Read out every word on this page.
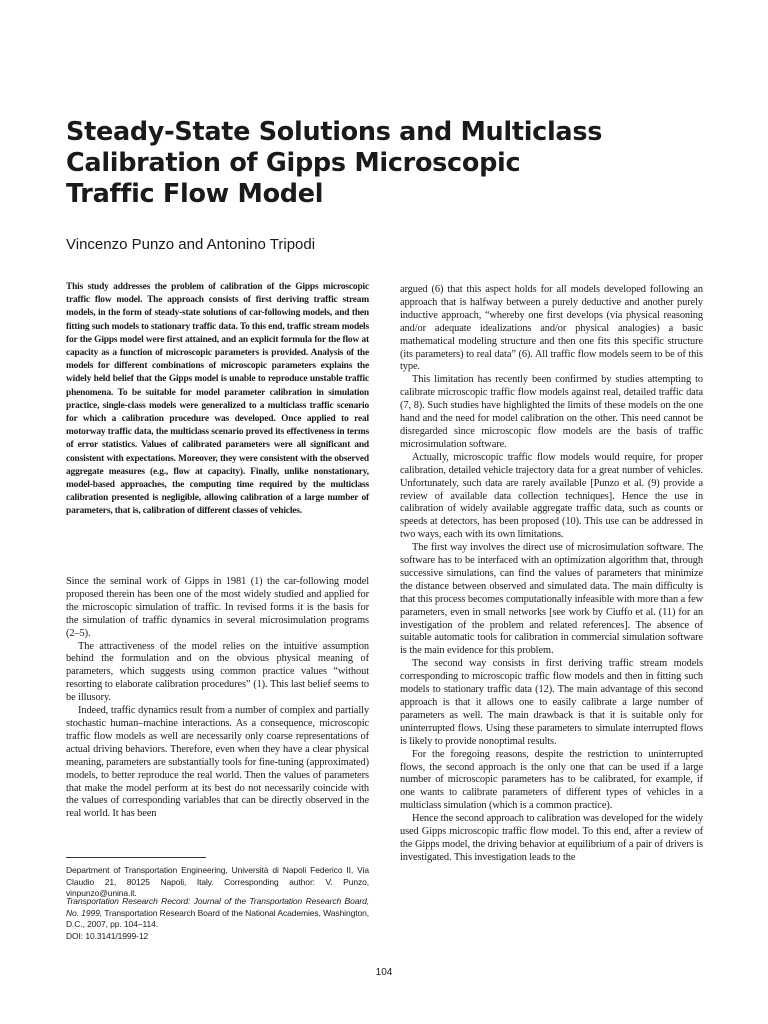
Steady-State Solutions and Multiclass
Calibration of Gipps Microscopic
Traffic Flow Model

Vincenzo Punzo and Antonino Tripodi

This study addresses the problem of calibration of the Gipps microscopic traffic flow model. The approach consists of first deriving traffic stream models, in the form of steady-state solutions of car-following models, and then fitting such models to stationary traffic data. To this end, traffic stream models for the Gipps model were first attained, and an explicit formula for the flow at capacity as a function of microscopic parameters is provided. Analysis of the models for different combinations of microscopic parameters explains the widely held belief that the Gipps model is unable to reproduce unstable traffic phenomena. To be suitable for model parameter calibration in simulation practice, single-class models were generalized to a multiclass traffic scenario for which a calibration procedure was developed. Once applied to real motorway traffic data, the multiclass scenario proved its effectiveness in terms of error statistics. Values of calibrated parameters were all significant and consistent with expectations. Moreover, they were consistent with the observed aggregate measures (e.g., flow at capacity). Finally, unlike nonstationary, model-based approaches, the computing time required by the multiclass calibration presented is negligible, allowing calibration of a large number of parameters, that is, calibration of different classes of vehicles.

Since the seminal work of Gipps in 1981 (1) the car-following model proposed therein has been one of the most widely studied and applied for the microscopic simulation of traffic. In revised forms it is the basis for the simulation of traffic dynamics in several microsimulation programs (2–5).

The attractiveness of the model relies on the intuitive assumption behind the formulation and on the obvious physical meaning of parameters, which suggests using common practice values “without resorting to elaborate calibration procedures” (1). This last belief seems to be illusory.

Indeed, traffic dynamics result from a number of complex and partially stochastic human–machine interactions. As a consequence, microscopic traffic flow models as well are necessarily only coarse representations of actual driving behaviors. Therefore, even when they have a clear physical meaning, parameters are substantially tools for fine-tuning (approximated) models, to better reproduce the real world. Then the values of parameters that make the model perform at its best do not necessarily coincide with the values of corresponding variables that can be directly observed in the real world. It has been

argued (6) that this aspect holds for all models developed following an approach that is halfway between a purely deductive and another purely inductive approach, “whereby one first develops (via physical reasoning and/or adequate idealizations and/or physical analogies) a basic mathematical modeling structure and then one fits this specific structure (its parameters) to real data” (6). All traffic flow models seem to be of this type.

This limitation has recently been confirmed by studies attempting to calibrate microscopic traffic flow models against real, detailed traffic data (7, 8). Such studies have highlighted the limits of these models on the one hand and the need for model calibration on the other. This need cannot be disregarded since microscopic flow models are the basis of traffic microsimulation software.

Actually, microscopic traffic flow models would require, for proper calibration, detailed vehicle trajectory data for a great number of vehicles. Unfortunately, such data are rarely available [Punzo et al. (9) provide a review of available data collection techniques]. Hence the use in calibration of widely available aggregate traffic data, such as counts or speeds at detectors, has been proposed (10). This use can be addressed in two ways, each with its own limitations.

The first way involves the direct use of microsimulation software. The software has to be interfaced with an optimization algorithm that, through successive simulations, can find the values of parameters that minimize the distance between observed and simulated data. The main difficulty is that this process becomes computationally infeasible with more than a few parameters, even in small networks [see work by Ciuffo et al. (11) for an investigation of the problem and related references]. The absence of suitable automatic tools for calibration in commercial simulation software is the main evidence for this problem.

The second way consists in first deriving traffic stream models corresponding to microscopic traffic flow models and then in fitting such models to stationary traffic data (12). The main advantage of this second approach is that it allows one to easily calibrate a large number of parameters as well. The main drawback is that it is suitable only for uninterrupted flows. Using these parameters to simulate interrupted flows is likely to provide nonoptimal results.

For the foregoing reasons, despite the restriction to uninterrupted flows, the second approach is the only one that can be used if a large number of microscopic parameters has to be calibrated, for example, if one wants to calibrate parameters of different types of vehicles in a multiclass simulation (which is a common practice).

Hence the second approach to calibration was developed for the widely used Gipps microscopic traffic flow model. To this end, after a review of the Gipps model, the driving behavior at equilibrium of a pair of drivers is investigated. This investigation leads to the

Department of Transportation Engineering, Università di Napoli Federico II, Via Claudio 21, 80125 Napoli, Italy. Corresponding author: V. Punzo, vinpunzo@unina.it.

Transportation Research Record: Journal of the Transportation Research Board, No. 1999, Transportation Research Board of the National Academies, Washington, D.C., 2007, pp. 104–114.
DOI: 10.3141/1999-12

104
